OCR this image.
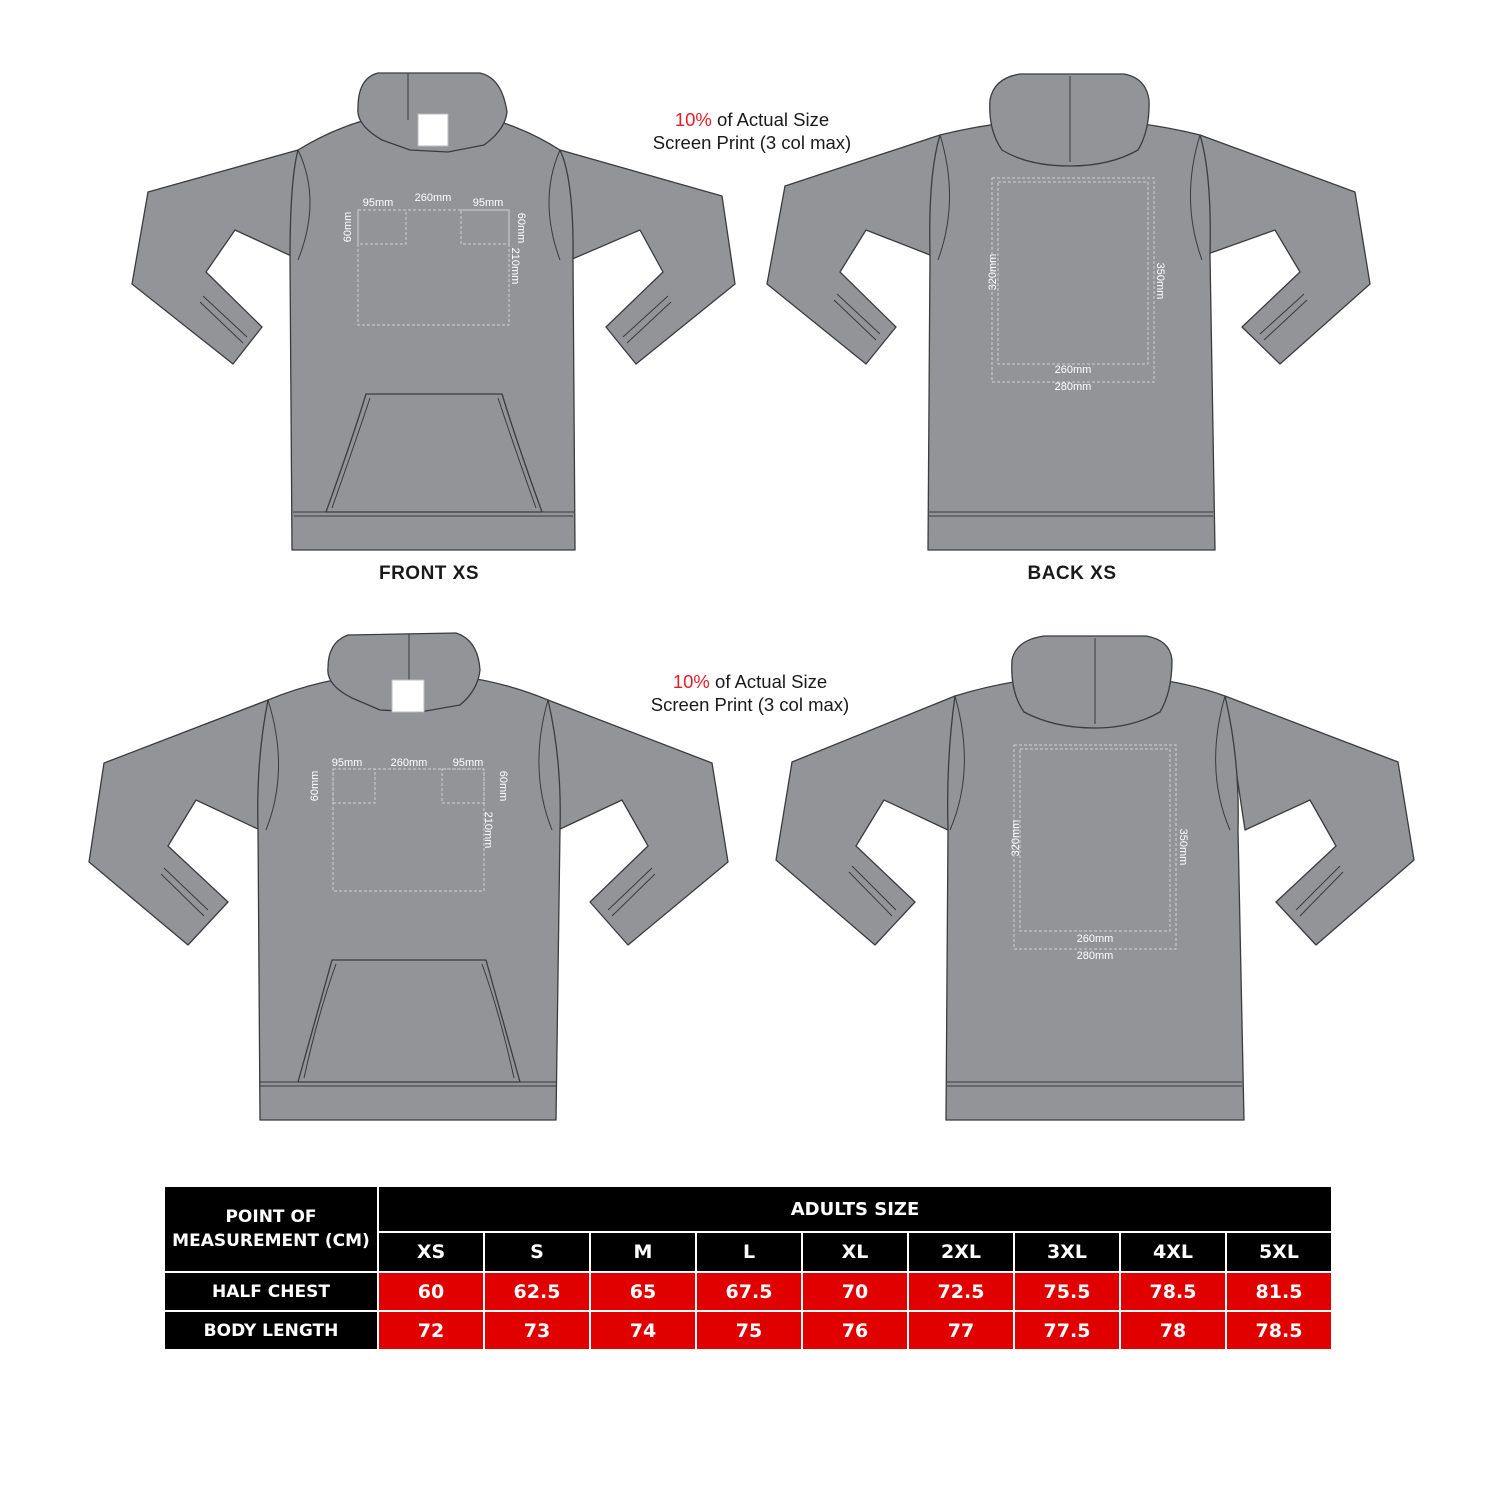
95mm 260mm 95mm
60mm	60mm
210mm	320mm	350mm
260mm
280mm
95mm	260mm 95mm
60mm	60mm
210mm	320mm	350mm
260mm
280mm
FRONT XS	BACK XS
10% of Actual Size
Screen Print (3 col max)
10% of Actual Size
Screen Print (3 col max)
POINT OF MEASUREMENT (CM)	ADULTS SIZE								
	XS	S	M	L	XL	2XL	3XL	4XL	5XL
HALF CHEST	60	62.5	65	67.5	70	72.5	75.5	78.5	81.5
BODY LENGTH	72	73	74	75	76	77	77.5	78	78.5
